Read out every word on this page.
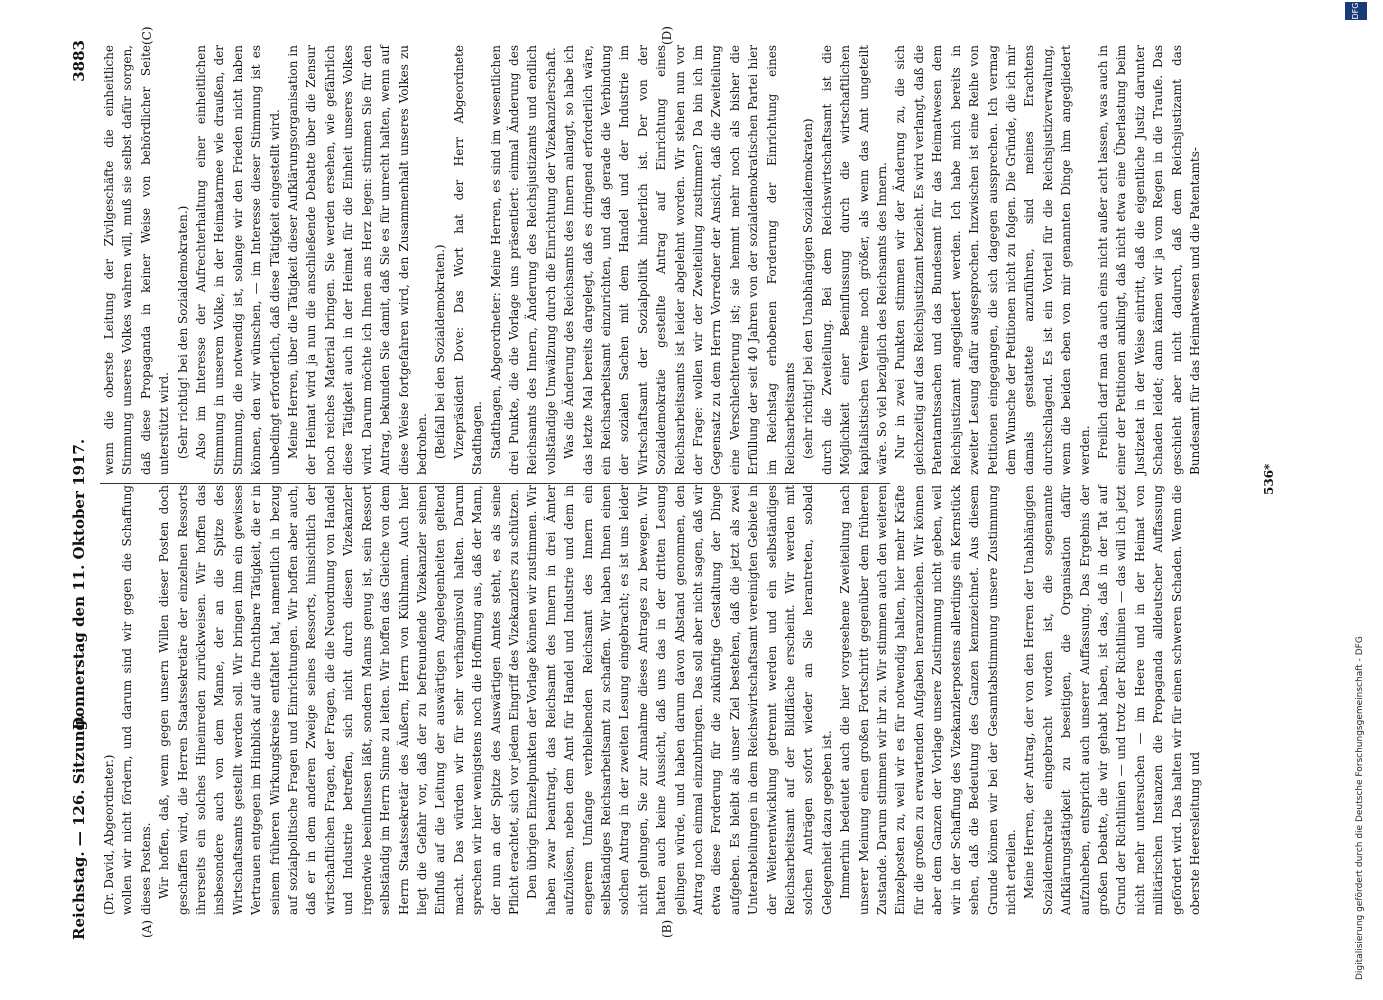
Reichstag. — 126. Sitzung.
Donnerstag den 11. Oktober 1917.
3883
(A)	(B)
(C)	(D)

(Dr. David, Abgeordneter.) wollen wir nicht fördern, und darum sind wir gegen die Schaffung dieses Postens. Wir hoffen, daß, wenn gegen unsern Willen dieser Posten doch geschaffen wird, die Herren Staatssekretäre der einzelnen Ressorts ihrerseits ein solches Hineinreden zurückweisen. Wir hoffen das insbesondere auch von dem Manne, der an die Spitze des Wirtschaftsamts gestellt werden soll. Wir bringen ihm ein gewisses Vertrauen entgegen im Hinblick auf die fruchtbare Tätigkeit, die er in seinem früheren Wirkungskreise entfaltet hat, namentlich in bezug auf sozialpolitische Fragen und Einrichtungen. Wir hoffen aber auch, daß er in dem anderen Zweige seines Ressorts, hinsichtlich der wirtschaftlichen Fragen, der Fragen, die die Neuordnung von Handel und Industrie betreffen, sich nicht durch diesen Vizekanzler irgendwie beeinflussen läßt, sondern Manns genug ist, sein Ressort selbständig im Herrn Sinne zu leiten. Wir hoffen das Gleiche von dem Herrn Staatssekretär des Äußern, Herrn von Kühlmann. Auch hier liegt die Gefahr vor, daß der zu befreundende Vizekanzler seinen Einfluß auf die Leitung der auswärtigen Angelegenheiten geltend macht. Das würden wir für sehr verhängnisvoll halten. Darum sprechen wir hier wenigstens noch die Hoffnung aus, daß der Mann, der nun an der Spitze des Auswärtigen Amtes steht, es als seine Pflicht erachtet, sich vor jedem Eingriff des Vizekanzlers zu schützen. Den übrigen Einzelpunkten der Vorlage können wir zustimmen. Wir haben zwar beantragt, das Reichsamt des Innern in drei Ämter aufzulösen, neben dem Amt für Handel und Industrie und dem in engerem Umfange verbleibenden Reichsamt des Innern ein selbständiges Reichsarbeitsamt zu schaffen. Wir haben Ihnen einen solchen Antrag in der zweiten Lesung eingebracht; es ist uns leider nicht gelungen, Sie zur Annahme dieses Antrages zu bewegen. Wir hatten auch keine Aussicht, daß uns das in der dritten Lesung gelingen würde, und haben darum davon Abstand genommen, den Antrag noch einmal einzubringen. Das soll aber nicht sagen, daß wir etwa diese Forderung für die zukünftige Gestaltung der Dinge aufgeben. Es bleibt als unser Ziel bestehen, daß die jetzt als zwei Unterabteilungen in dem Reichswirtschaftsamt vereinigten Gebiete in der Weiterentwicklung getrennt werden und ein selbständiges Reichsarbeitsamt auf der Bildfläche erscheint. Wir werden mit solchen Anträgen sofort wieder an Sie herantreten, sobald Gelegenheit dazu gegeben ist. Immerhin bedeutet auch die hier vorgesehene Zweiteilung nach unserer Meinung einen großen Fortschritt gegenüber dem früheren Zustande. Darum stimmen wir ihr zu. Wir stimmen auch den weiteren Einzelposten zu, weil wir es für notwendig halten, hier mehr Kräfte für die großen zu erwartenden Aufgaben heranzuziehen. Wir können aber dem Ganzen der Vorlage unsere Zustimmung nicht geben, weil wir in der Schaffung des Vizekanzlerpostens allerdings ein Kernstück sehen, daß die Bedeutung des Ganzen kennzeichnet. Aus diesem Grunde können wir bei der Gesamtabstimmung unsere Zustimmung nicht erteilen. Meine Herren, der Antrag, der von den Herren der Unabhängigen Sozialdemokratie eingebracht worden ist, die sogenannte Aufklärungstätigkeit zu beseitigen, die Organisation dafür aufzuheben, entspricht auch unserer Auffassung. Das Ergebnis der großen Debatte, die wir gehabt haben, ist das, daß in der Tat auf Grund der Richtlinien — und trotz der Richtlinien — das will ich jetzt nicht mehr untersuchen — im Heere und in der Heimat von militärischen Instanzen die Propaganda alldeutscher Auffassung gefördert wird. Das halten wir für einen schweren Schaden. Wenn die oberste Heeresleitung und

wenn die oberste Leitung der Zivilgeschäfte die einheitliche Stimmung unseres Volkes wahren will, muß sie selbst dafür sorgen, daß diese Propaganda in keiner Weise von behördlicher Seite unterstützt wird. (Sehr richtig! bei den Sozialdemokraten.) Also im Interesse der Aufrechterhaltung einer einheitlichen Stimmung in unserem Volke, in der Heimatarmee wie draußen, der Stimmung, die notwendig ist, solange wir den Frieden nicht haben können, den wir wünschen, — im Interesse dieser Stimmung ist es unbedingt erforderlich, daß diese Tätigkeit eingestellt wird. Meine Herren, über die Tätigkeit dieser Aufklärungsorganisation in der Heimat wird ja nun die anschließende Debatte über die Zensur noch reiches Material bringen. Sie werden ersehen, wie gefährlich diese Tätigkeit auch in der Heimat für die Einheit unseres Volkes wird. Darum möchte ich Ihnen ans Herz legen: stimmen Sie für den Antrag, bekunden Sie damit, daß Sie es für unrecht halten, wenn auf diese Weise fortgefahren wird, den Zusammenhalt unseres Volkes zu bedrohen. (Beifall bei den Sozialdemokraten.) Vizepräsident Dove: Das Wort hat der Herr Abgeordnete Stadthagen. Stadthagen, Abgeordneter: Meine Herren, es sind im wesentlichen drei Punkte, die die Vorlage uns präsentiert: einmal Änderung des Reichsamts des Innern, Änderung des Reichsjustizamts und endlich vollständige Umwälzung durch die Einrichtung der Vizekanzlerschaft. Was die Änderung des Reichsamts des Innern anlangt, so habe ich das letzte Mal bereits dargelegt, daß es dringend erforderlich wäre, ein Reichsarbeitsamt einzurichten, und daß gerade die Verbindung der sozialen Sachen mit dem Handel und der Industrie im Wirtschaftsamt der Sozialpolitik hinderlich ist. Der von der Sozialdemokratie gestellte Antrag auf Einrichtung eines Reichsarbeitsamts ist leider abgelehnt worden. Wir stehen nun vor der Frage: wollen wir der Zweiteilung zustimmen? Da bin ich im Gegensatz zu dem Herrn Vorredner der Ansicht, daß die Zweiteilung eine Verschlechterung ist; sie hemmt mehr noch als bisher die Erfüllung der seit 40 Jahren von der sozialdemokratischen Partei hier im Reichstag erhobenen Forderung der Einrichtung eines Reichsarbeitsamts (sehr richtig! bei den Unabhängigen Sozialdemokraten) durch die Zweiteilung. Bei dem Reichswirtschaftsamt ist die Möglichkeit einer Beeinflussung durch die wirtschaftlichen kapitalistischen Vereine noch größer, als wenn das Amt ungeteilt wäre. So viel bezüglich des Reichsamts des Innern. Nur in zwei Punkten stimmen wir der Änderung zu, die sich gleichzeitig auf das Reichsjustizamt bezieht. Es wird verlangt, daß die Patentamtssachen und das Bundesamt für das Heimatwesen dem Reichsjustizamt angegliedert werden. Ich habe mich bereits in zweiter Lesung dafür ausgesprochen. Inzwischen ist eine Reihe von Petitionen eingegangen, die sich dagegen aussprechen. Ich vermag dem Wunsche der Petitionen nicht zu folgen. Die Gründe, die ich mir damals gestattete anzuführen, sind meines Erachtens durchschlagend. Es ist ein Vorteil für die Reichsjustizverwaltung, wenn die beiden eben von mir genannten Dinge ihm angegliedert werden. Freilich darf man da auch eins nicht außer acht lassen, was auch in einer der Petitionen anklingt, daß nicht etwa eine Überlastung beim Justizetat in der Weise eintritt, daß die eigentliche Justiz darunter Schaden leidet; dann kämen wir ja vom Regen in die Traufe. Das geschieht aber nicht dadurch, daß dem Reichsjustizamt das Bundesamt für das Heimatwesen und die Patentamts-

536*
Digitalisierung gefördert durch die Deutsche Forschungsgemeinschaft - DFG
DFG
